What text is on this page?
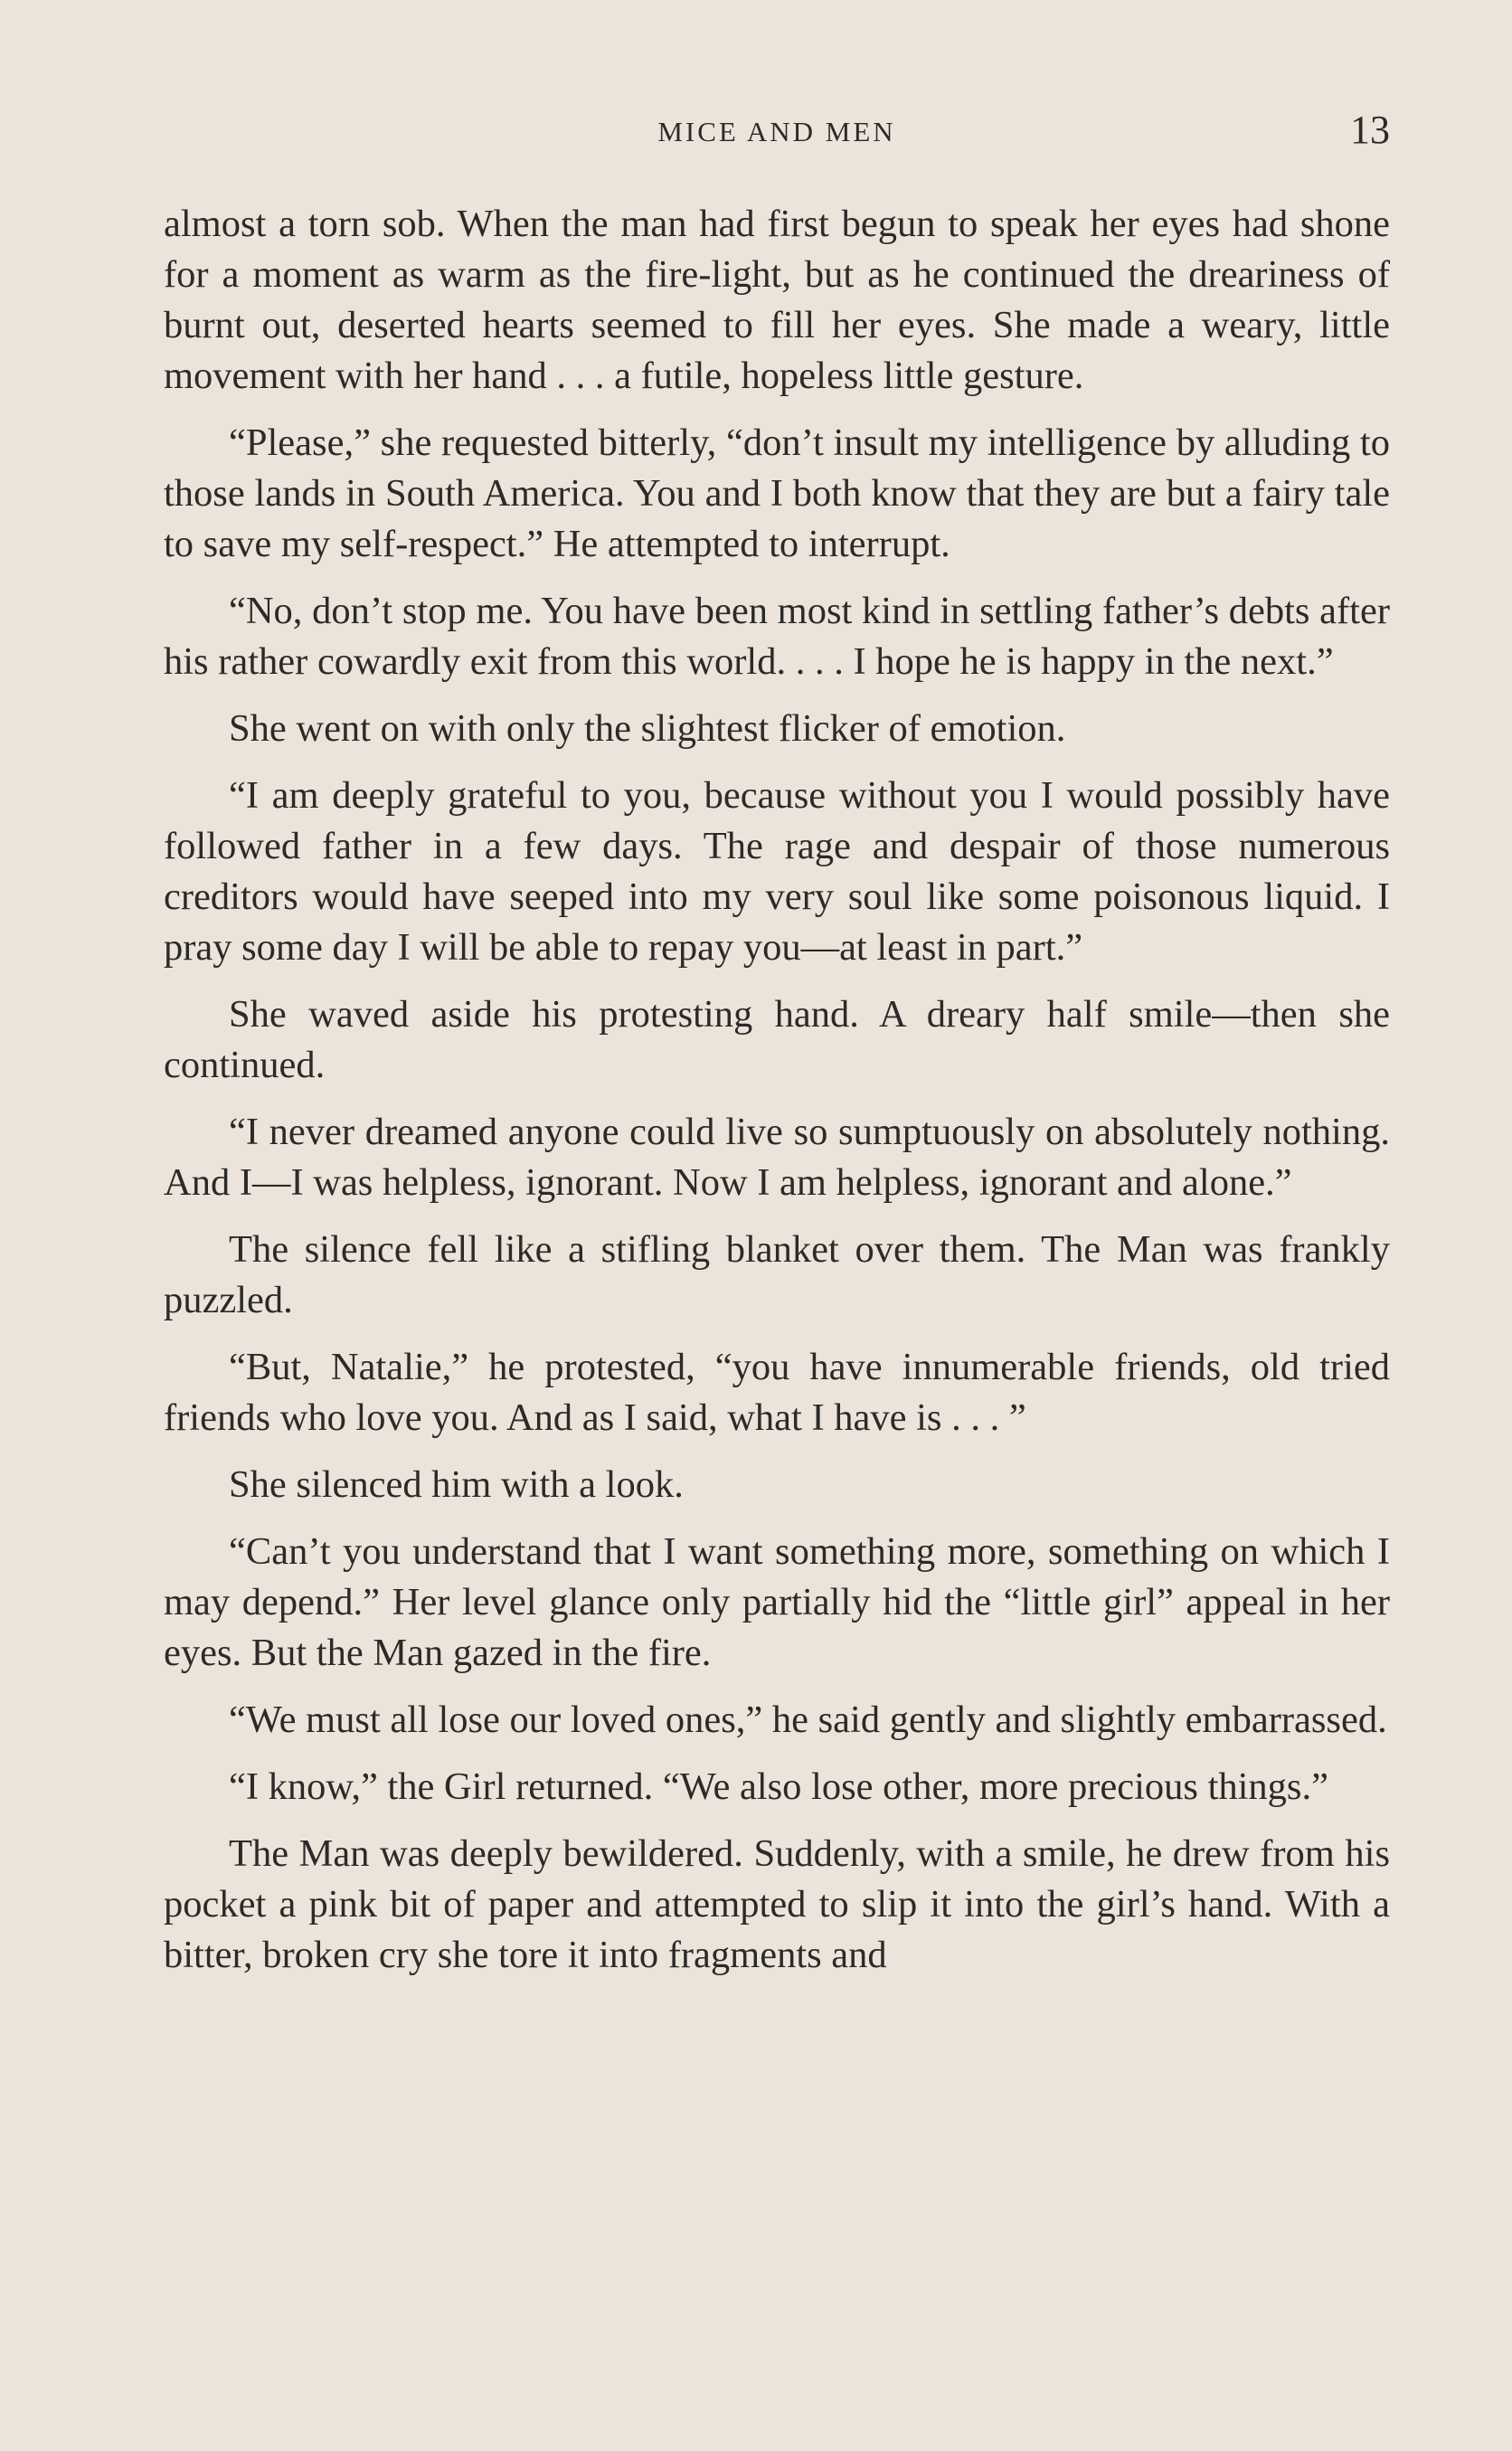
MICE AND MEN	13

almost a torn sob. When the man had first begun to speak her eyes had shone for a moment as warm as the fire-light, but as he continued the dreariness of burnt out, deserted hearts seemed to fill her eyes. She made a weary, little movement with her hand . . . a futile, hopeless little gesture.

“Please,” she requested bitterly, “don’t insult my intelligence by alluding to those lands in South America. You and I both know that they are but a fairy tale to save my self-respect.” He attempted to interrupt.

“No, don’t stop me. You have been most kind in settling father’s debts after his rather cowardly exit from this world. . . . I hope he is happy in the next.”

She went on with only the slightest flicker of emotion.

“I am deeply grateful to you, because without you I would possibly have followed father in a few days. The rage and despair of those numerous creditors would have seeped into my very soul like some poisonous liquid. I pray some day I will be able to repay you—at least in part.”

She waved aside his protesting hand. A dreary half smile—then she continued.

“I never dreamed anyone could live so sumptuously on absolutely nothing. And I—I was helpless, ignorant. Now I am helpless, ignorant and alone.”

The silence fell like a stifling blanket over them. The Man was frankly puzzled.

“But, Natalie,” he protested, “you have innumerable friends, old tried friends who love you. And as I said, what I have is . . . ”

She silenced him with a look.

“Can’t you understand that I want something more, something on which I may depend.” Her level glance only partially hid the “little girl” appeal in her eyes. But the Man gazed in the fire.

“We must all lose our loved ones,” he said gently and slightly embarrassed.

“I know,” the Girl returned. “We also lose other, more precious things.”

The Man was deeply bewildered. Suddenly, with a smile, he drew from his pocket a pink bit of paper and attempted to slip it into the girl’s hand. With a bitter, broken cry she tore it into fragments and
